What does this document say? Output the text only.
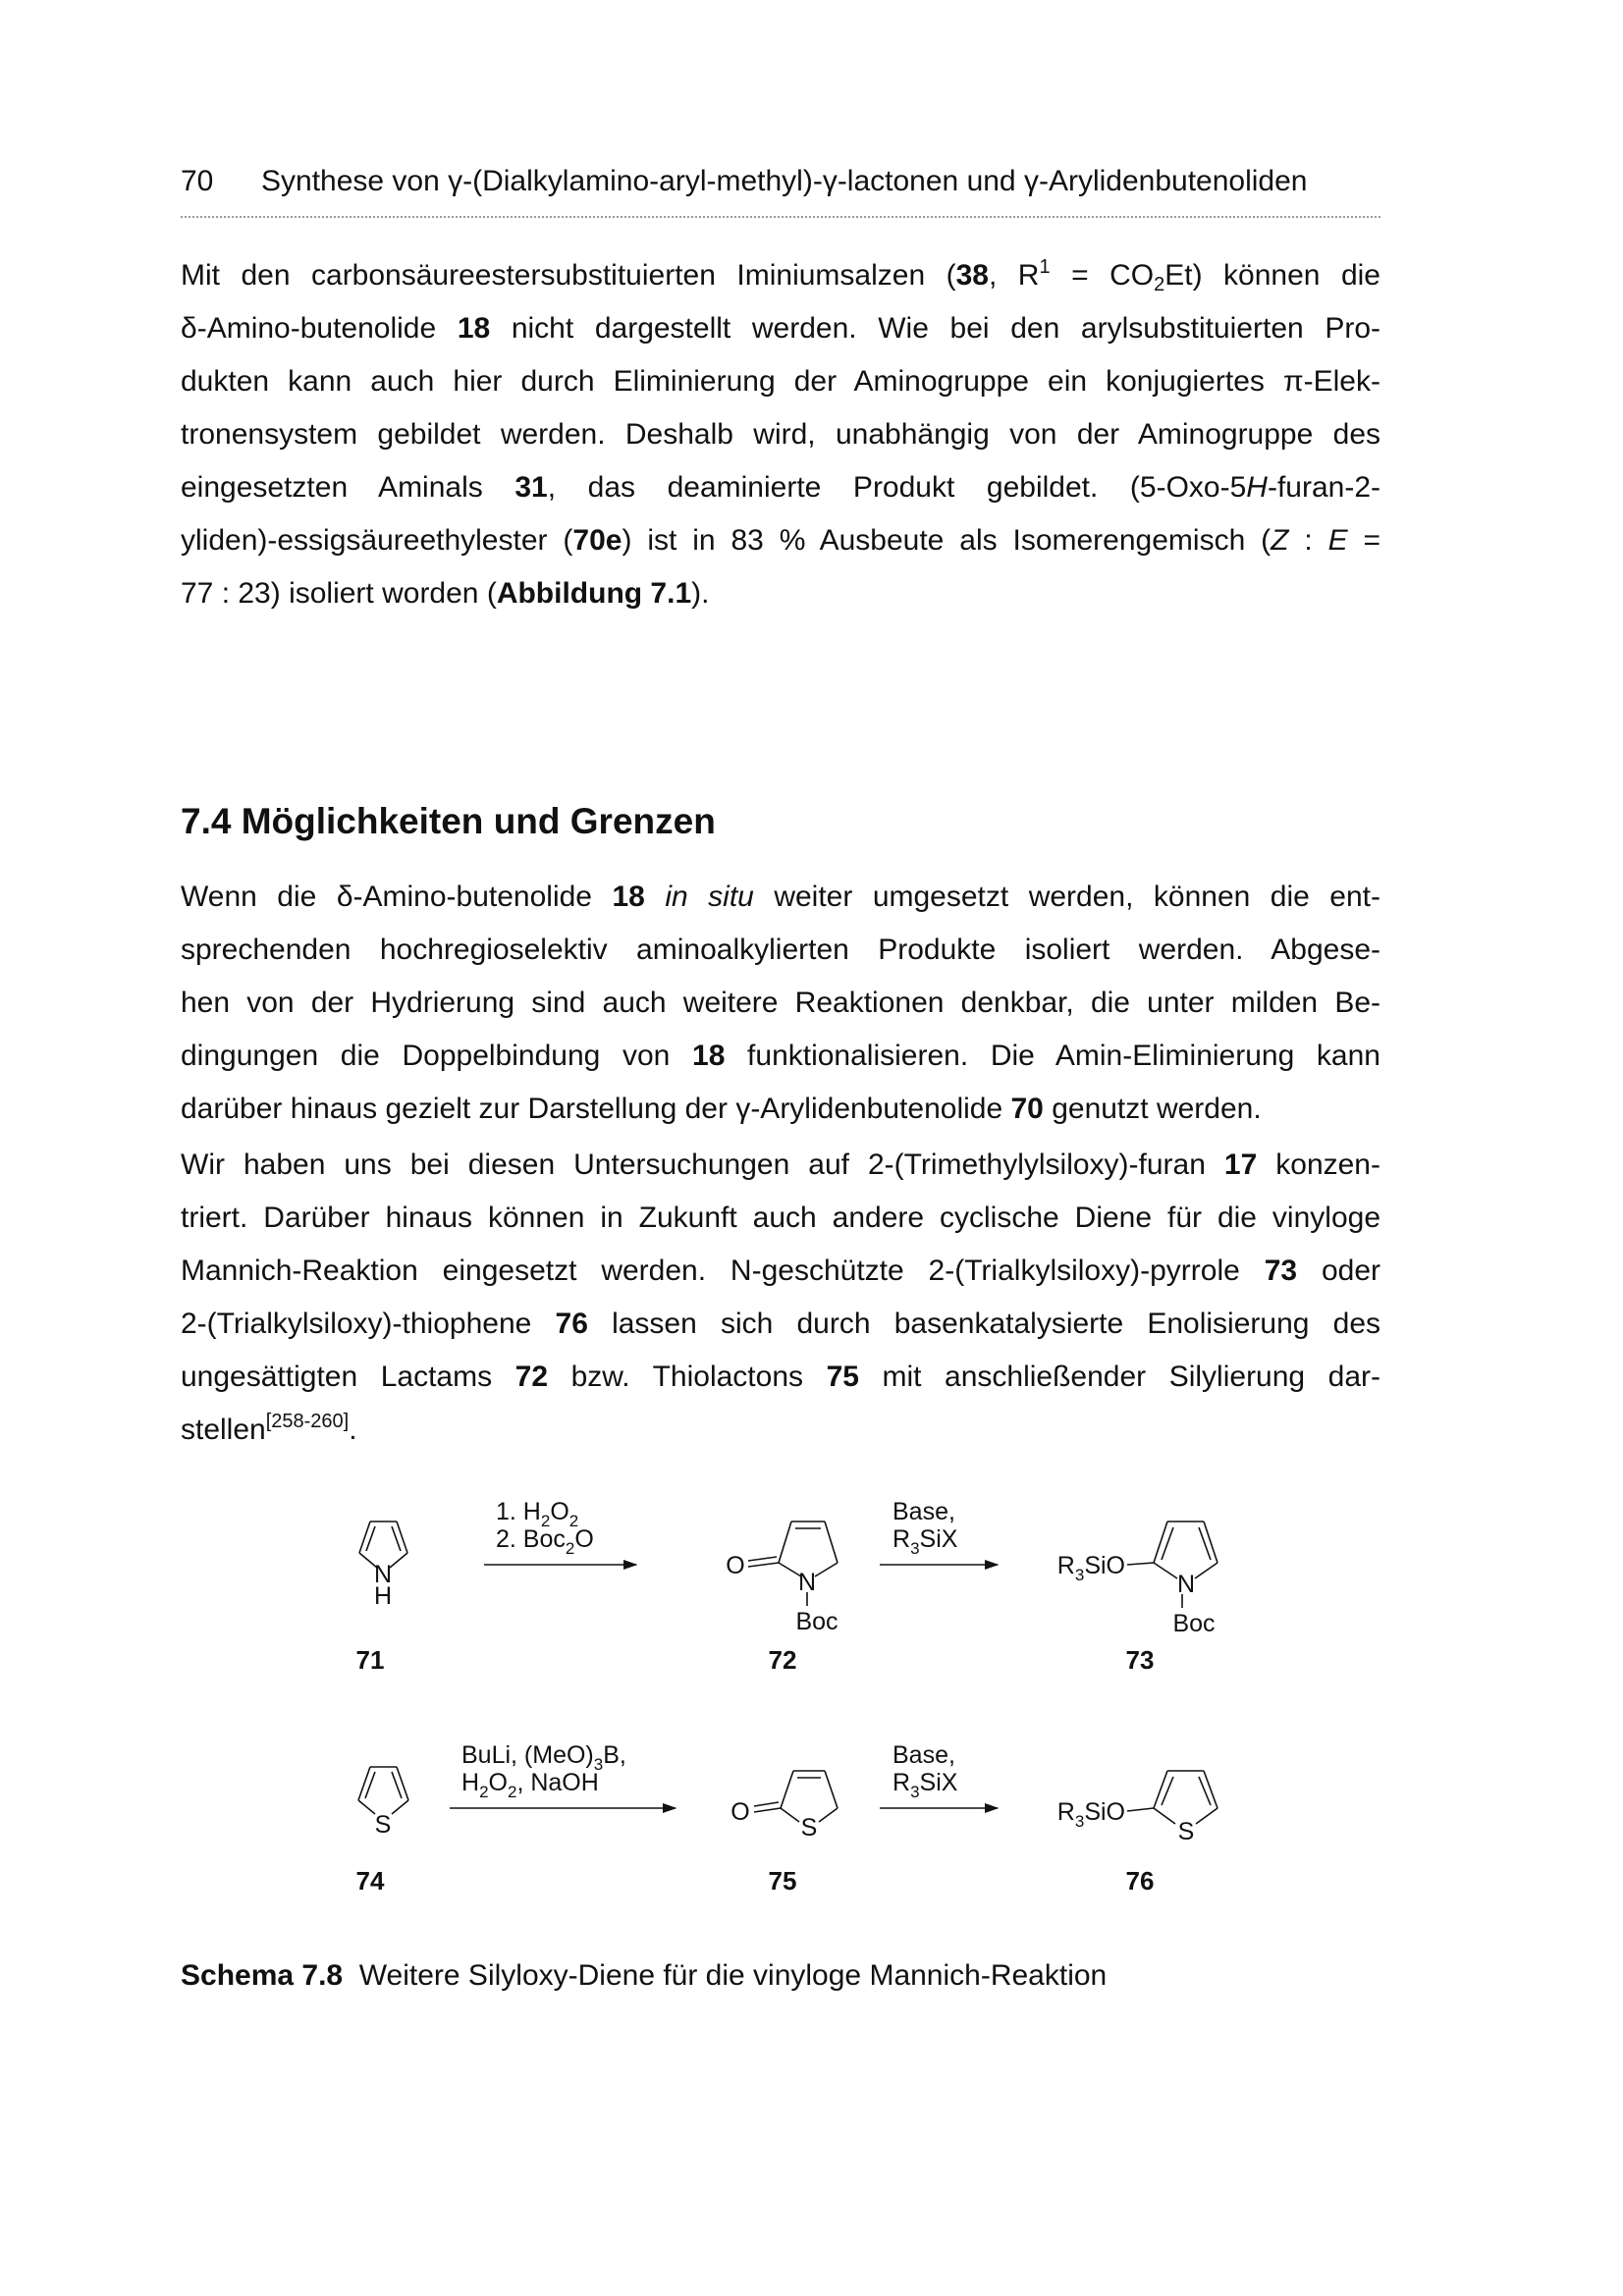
70 Synthese von γ-(Dialkylamino-aryl-methyl)-γ-lactonen und γ-Arylidenbutenoliden
Mit den carbonsäureestersubstituierten Iminiumsalzen (38, $R^1 = CO_2Et$) können die
δ-Amino-butenolide 18 nicht dargestellt werden. Wie bei den arylsubstituierten Pro-
dukten kann auch hier durch Eliminierung der Aminogruppe ein konjugiertes π-Elek-
tronensystem gebildet werden. Deshalb wird, unabhängig von der Aminogruppe des
eingesetzten Aminals 31, das deaminierte Produkt gebildet. (5-Oxo-5H-furan-2-
yliden)-essigsäureethylester (70e) ist in 83 % Ausbeute als Isomerengemisch (Z : E =
77 : 23) isoliert worden (Abbildung 7.1).
7.4 Möglichkeiten und Grenzen
Wenn die δ-Amino-butenolide 18 in situ weiter umgesetzt werden, können die ent-
sprechenden hochregioselektiv aminoalkylierten Produkte isoliert werden. Abgese-
hen von der Hydrierung sind auch weitere Reaktionen denkbar, die unter milden Be-
dingungen die Doppelbindung von 18 funktionalisieren. Die Amin-Eliminierung kann
darüber hinaus gezielt zur Darstellung der γ-Arylidenbutenolide 70 genutzt werden.
Wir haben uns bei diesen Untersuchungen auf 2-(Trimethylylsiloxy)-furan 17 konzen-
triert. Darüber hinaus können in Zukunft auch andere cyclische Diene für die vinyloge
Mannich-Reaktion eingesetzt werden. N-geschützte 2-(Trialkylsiloxy)-pyrrole 73 oder
2-(Trialkylsiloxy)-thiophene 76 lassen sich durch basenkatalysierte Enolisierung des
ungesättigten Lactams 72 bzw. Thiolactons 75 mit anschließender Silylierung dar-
stellen[258-260].
N
H
O
N
Boc
$R_3SiO$
N
Boc
S	O
S
$R_3SiO$
S
1. $H_2O_2$
2. Boc$_2$O
Base,
$R_3SiX$
BuLi, $(MeO)_3B$,
$H_2O_2$, NaOH
Base,
$R_3SiX$
71	72	73
74	75	76
Schema 7.8 Weitere Silyloxy-Diene für die vinyloge Mannich-Reaktion
